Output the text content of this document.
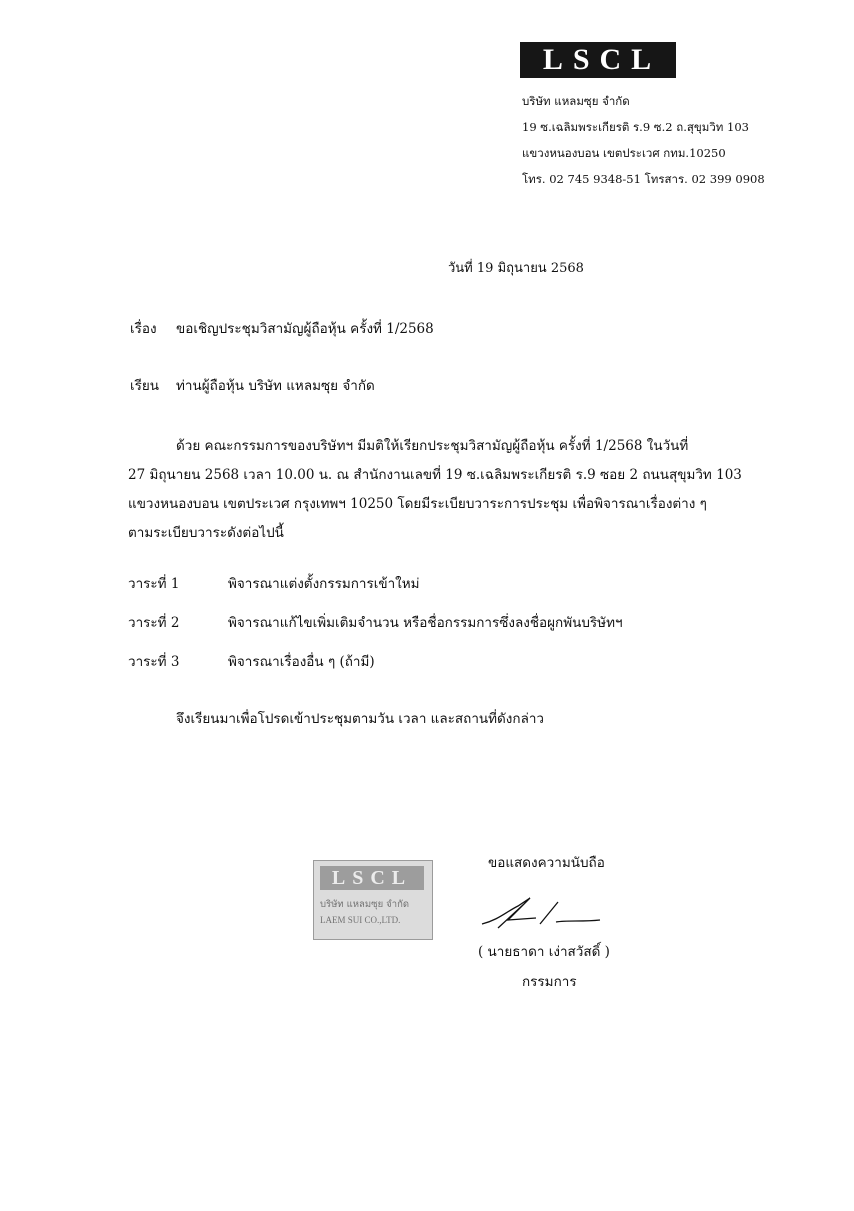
LSCL
บริษัท แหลมซุย จำกัด
19 ซ.เฉลิมพระเกียรติ ร.9 ซ.2 ถ.สุขุมวิท 103
แขวงหนองบอน เขตประเวศ กทม.10250
โทร. 02 745 9348-51 โทรสาร. 02 399 0908
วันที่ 19 มิถุนายน 2568
เรื่อง ขอเชิญประชุมวิสามัญผู้ถือหุ้น ครั้งที่ 1/2568
เรียน ท่านผู้ถือหุ้น บริษัท แหลมซุย จำกัด
ด้วย คณะกรรมการของบริษัทฯ มีมติให้เรียกประชุมวิสามัญผู้ถือหุ้น ครั้งที่ 1/2568 ในวันที่
27 มิถุนายน 2568 เวลา 10.00 น. ณ สำนักงานเลขที่ 19 ซ.เฉลิมพระเกียรติ ร.9 ซอย 2 ถนนสุขุมวิท 103
แขวงหนองบอน เขตประเวศ กรุงเทพฯ 10250 โดยมีระเบียบวาระการประชุม เพื่อพิจารณาเรื่องต่าง ๆ
ตามระเบียบวาระดังต่อไปนี้
วาระที่ 1	พิจารณาแต่งตั้งกรรมการเข้าใหม่
วาระที่ 2	พิจารณาแก้ไขเพิ่มเติมจำนวน หรือชื่อกรรมการซึ่งลงชื่อผูกพันบริษัทฯ
วาระที่ 3	พิจารณาเรื่องอื่น ๆ (ถ้ามี)
จึงเรียนมาเพื่อโปรดเข้าประชุมตามวัน เวลา และสถานที่ดังกล่าว
ขอแสดงความนับถือ
LSCL
บริษัท แหลมซุย จำกัด
LAEM SUI CO.,LTD.
( นายธาดา เง่าสวัสดิ์ )
กรรมการ
